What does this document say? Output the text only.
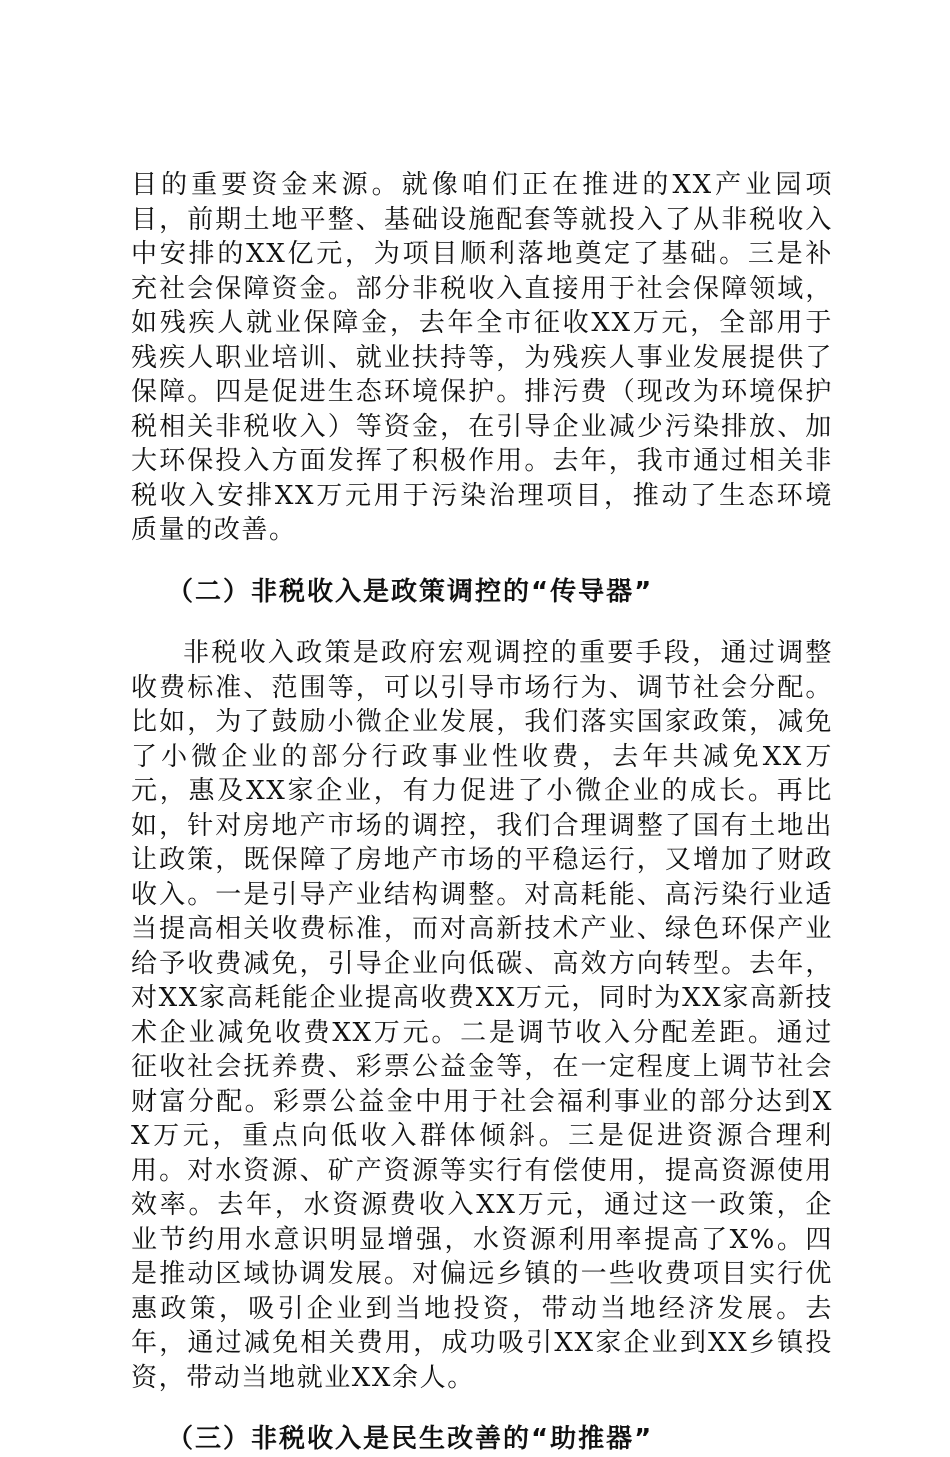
目的重要资金来源。就像咱们正在推进的XX产业园项目，前期土地平整、基础设施配套等就投入了从非税收入中安排的XX亿元，为项目顺利落地奠定了基础。三是补充社会保障资金。部分非税收入直接用于社会保障领域，如残疾人就业保障金，去年全市征收XX万元，全部用于残疾人职业培训、就业扶持等，为残疾人事业发展提供了保障。四是促进生态环境保护。排污费（现改为环境保护税相关非税收入）等资金，在引导企业减少污染排放、加大环保投入方面发挥了积极作用。去年，我市通过相关非税收入安排XX万元用于污染治理项目，推动了生态环境质量的改善。

（二）非税收入是政策调控的“传导器”

非税收入政策是政府宏观调控的重要手段，通过调整收费标准、范围等，可以引导市场行为、调节社会分配。比如，为了鼓励小微企业发展，我们落实国家政策，减免了小微企业的部分行政事业性收费，去年共减免XX万元，惠及XX家企业，有力促进了小微企业的成长。再比如，针对房地产市场的调控，我们合理调整了国有土地出让政策，既保障了房地产市场的平稳运行，又增加了财政收入。一是引导产业结构调整。对高耗能、高污染行业适当提高相关收费标准，而对高新技术产业、绿色环保产业给予收费减免，引导企业向低碳、高效方向转型。去年，对XX家高耗能企业提高收费XX万元，同时为XX家高新技术企业减免收费XX万元。二是调节收入分配差距。通过征收社会抚养费、彩票公益金等，在一定程度上调节社会财富分配。彩票公益金中用于社会福利事业的部分达到XX万元，重点向低收入群体倾斜。三是促进资源合理利用。对水资源、矿产资源等实行有偿使用，提高资源使用效率。去年，水资源费收入XX万元，通过这一政策，企业节约用水意识明显增强，水资源利用率提高了X%。四是推动区域协调发展。对偏远乡镇的一些收费项目实行优惠政策，吸引企业到当地投资，带动当地经济发展。去年，通过减免相关费用，成功吸引XX家企业到XX乡镇投资，带动当地就业XX余人。

（三）非税收入是民生改善的“助推器”
